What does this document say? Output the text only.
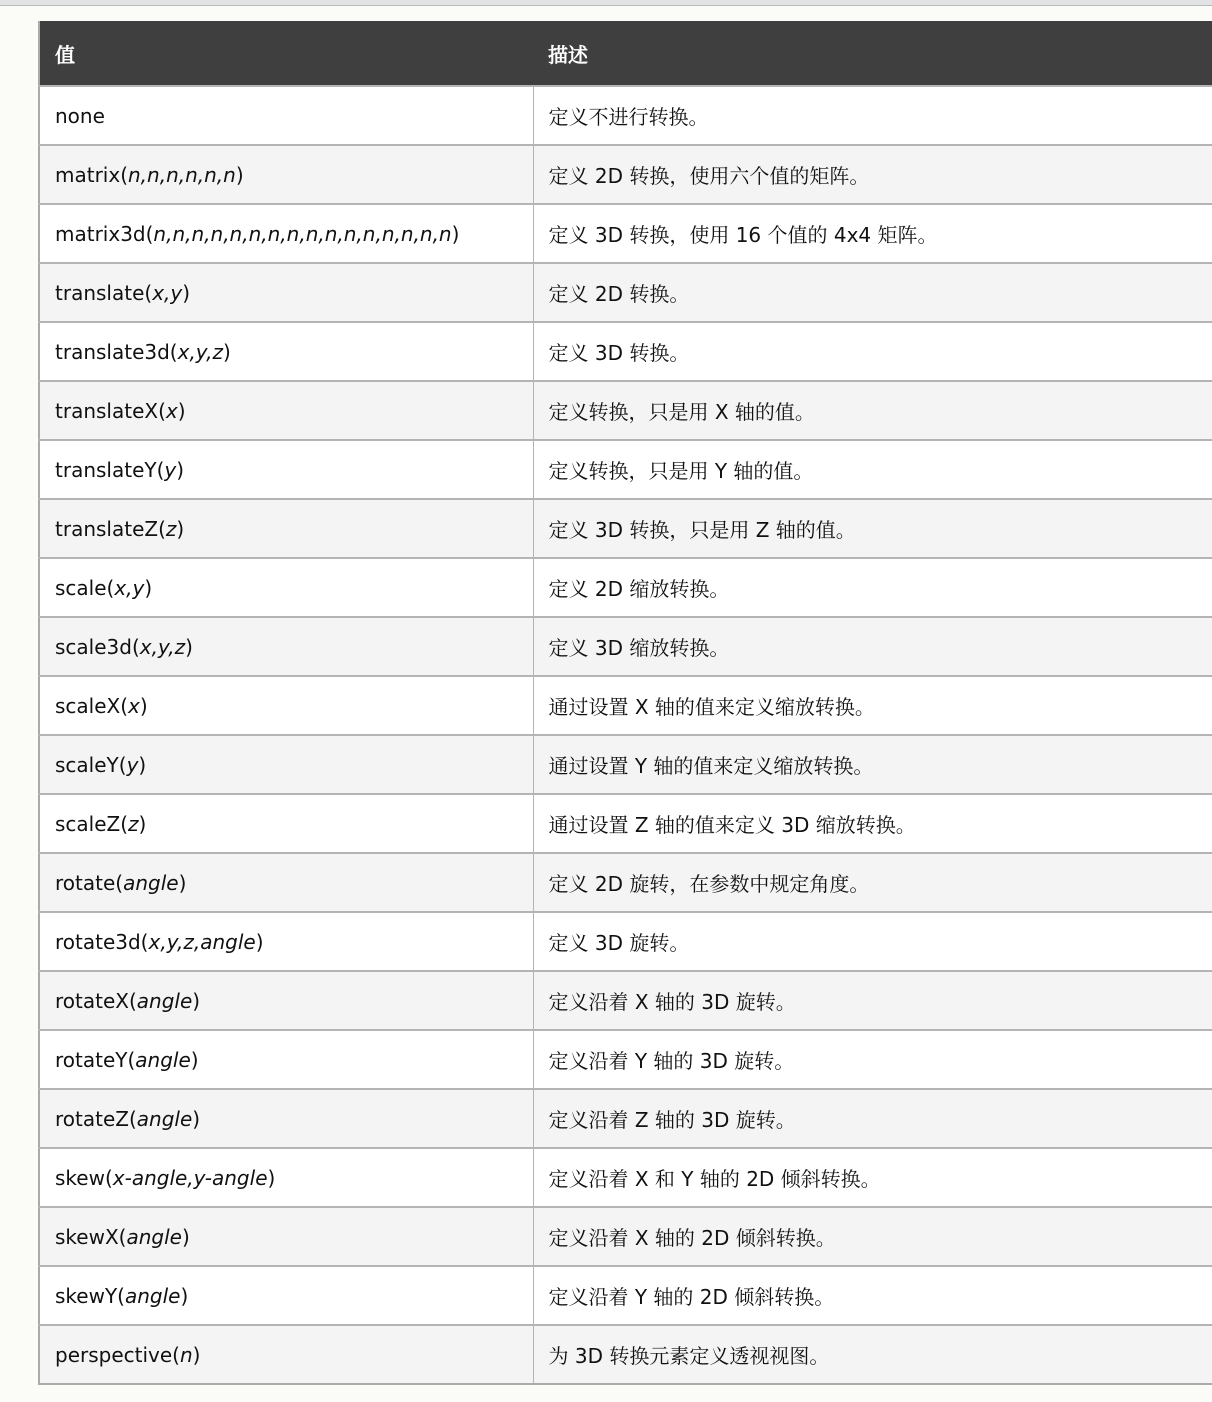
值	描述
none	定义不进行转换。
matrix(n,n,n,n,n,n)	定义 2D 转换，使用六个值的矩阵。
matrix3d(n,n,n,n,n,n,n,n,n,n,n,n,n,n,n,n)	定义 3D 转换，使用 16 个值的 4x4 矩阵。
translate(x,y)	定义 2D 转换。
translate3d(x,y,z)	定义 3D 转换。
translateX(x)	定义转换，只是用 X 轴的值。
translateY(y)	定义转换，只是用 Y 轴的值。
translateZ(z)	定义 3D 转换，只是用 Z 轴的值。
scale(x,y)	定义 2D 缩放转换。
scale3d(x,y,z)	定义 3D 缩放转换。
scaleX(x)	通过设置 X 轴的值来定义缩放转换。
scaleY(y)	通过设置 Y 轴的值来定义缩放转换。
scaleZ(z)	通过设置 Z 轴的值来定义 3D 缩放转换。
rotate(angle)	定义 2D 旋转，在参数中规定角度。
rotate3d(x,y,z,angle)	定义 3D 旋转。
rotateX(angle)	定义沿着 X 轴的 3D 旋转。
rotateY(angle)	定义沿着 Y 轴的 3D 旋转。
rotateZ(angle)	定义沿着 Z 轴的 3D 旋转。
skew(x-angle,y-angle)	定义沿着 X 和 Y 轴的 2D 倾斜转换。
skewX(angle)	定义沿着 X 轴的 2D 倾斜转换。
skewY(angle)	定义沿着 Y 轴的 2D 倾斜转换。
perspective(n)	为 3D 转换元素定义透视视图。
